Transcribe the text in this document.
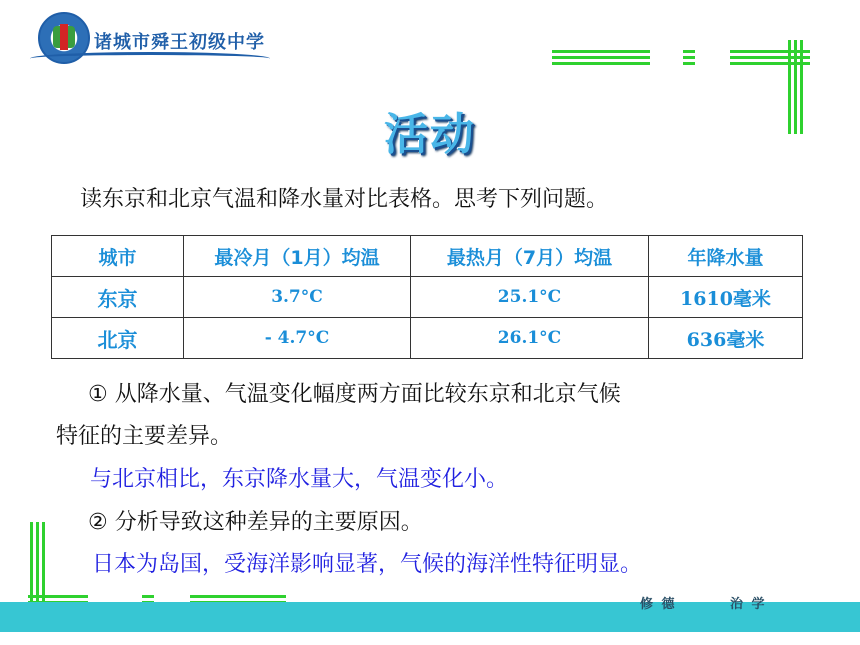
诸城市舜王初级中学
活动
读东京和北京气温和降水量对比表格。思考下列问题。
城市	最冷月（1月）均温	最热月（7月）均温	年降水量
东京	3.7°C	25.1°C	1610毫米
北京	- 4.7°C	26.1°C	636毫米
① 从降水量、气温变化幅度两方面比较东京和北京气候
特征的主要差异。
与北京相比，东京降水量大，气温变化小。
② 分析导致这种差异的主要原因。
日本为岛国，受海洋影响显著，气候的海洋性特征明显。
修 德	治 学
